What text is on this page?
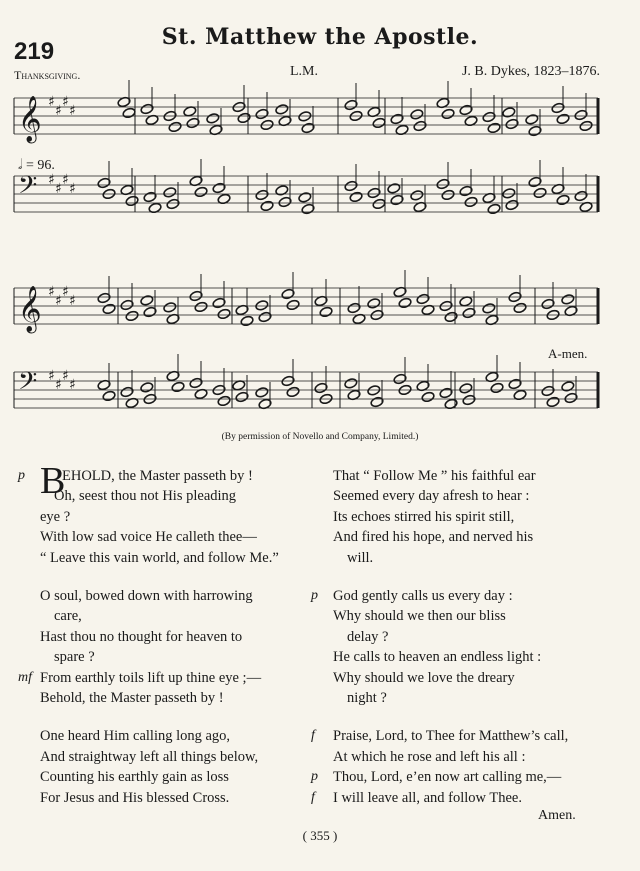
219
St. Matthew the Apostle.
Thanksgiving.	L.M.	J. B. Dykes, 1823–1876.
𝄞 ♯
♯
♯
♯
𝄢 ♯
♯
♯
♯
𝄞 ♯
♯
♯
♯
𝄢 ♯
♯
♯
♯
𝅗𝅥 = 96.
A-men.
(By permission of Novello and Company, Limited.)
B
p	EHOLD, the Master passeth by !
Oh, seest thou not His pleading
eye ?
With low sad voice He calleth thee—
“ Leave this vain world, and follow Me.”
O soul, bowed down with harrowing
care,
Hast thou no thought for heaven to
spare ?
mf From earthly toils lift up thine eye ;—
Behold, the Master passeth by !
One heard Him calling long ago,
And straightway left all things below,
Counting his earthly gain as loss
For Jesus and His blessed Cross.
That “ Follow Me ” his faithful ear
Seemed every day afresh to hear :
Its echoes stirred his spirit still,
And fired his hope, and nerved his
will.
p God gently calls us every day :
Why should we then our bliss
delay ?
He calls to heaven an endless light :
Why should we love the dreary
night ?
f Praise, Lord, to Thee for Matthew’s call,
At which he rose and left his all :
p Thou, Lord, e’en now art calling me,—
f I will leave all, and follow Thee.
Amen.
( 355 )
